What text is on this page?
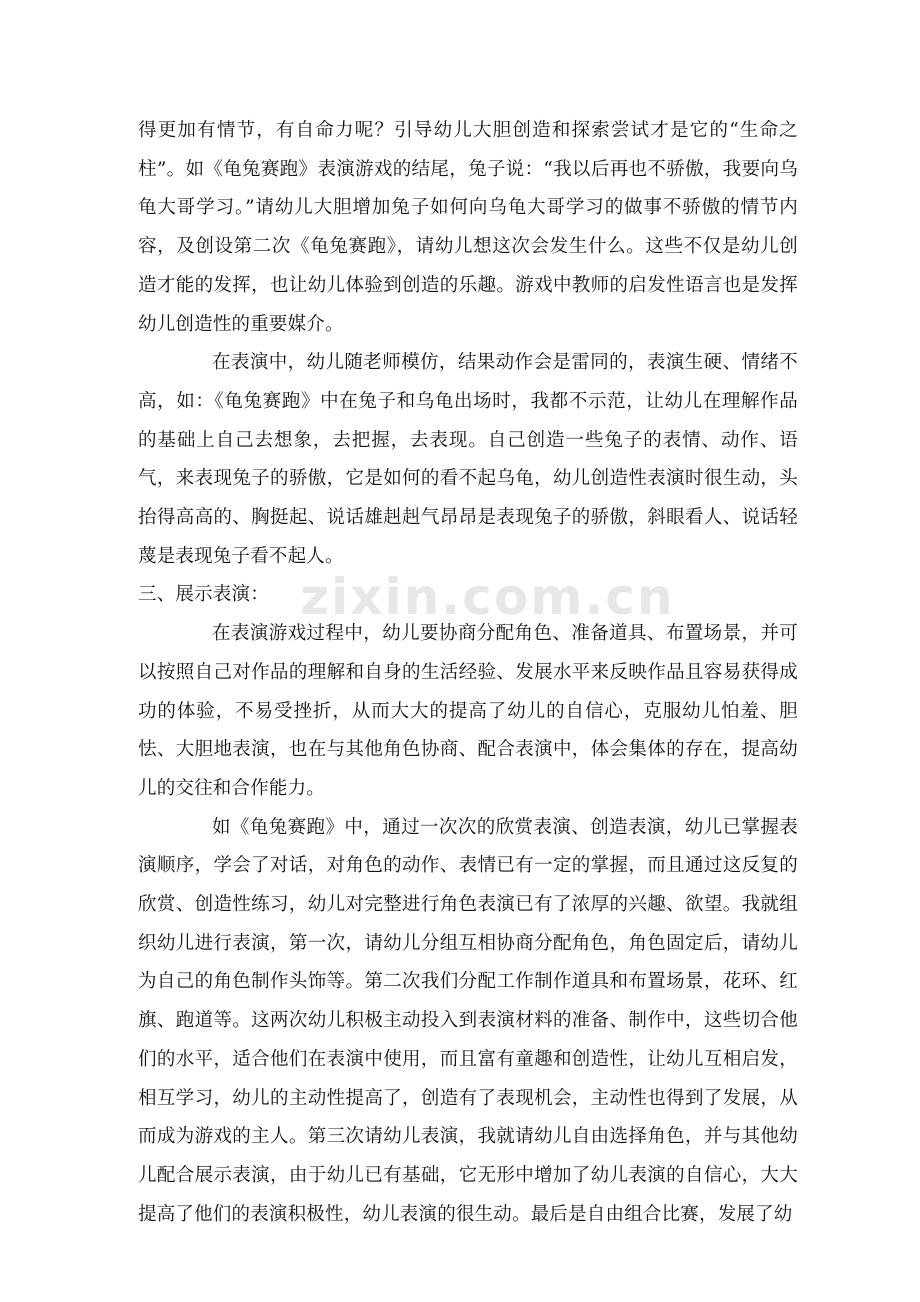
zixin.com.cn

得更加有情节，有自命力呢？引导幼儿大胆创造和探索尝试才是它的“生命之柱”。如《龟兔赛跑》表演游戏的结尾，兔子说：“我以后再也不骄傲，我要向乌龟大哥学习。”请幼儿大胆增加兔子如何向乌龟大哥学习的做事不骄傲的情节内容，及创设第二次《龟兔赛跑》，请幼儿想这次会发生什么。这些不仅是幼儿创造才能的发挥，也让幼儿体验到创造的乐趣。游戏中教师的启发性语言也是发挥幼儿创造性的重要媒介。

在表演中，幼儿随老师模仿，结果动作会是雷同的，表演生硬、情绪不高，如：《龟兔赛跑》中在兔子和乌龟出场时，我都不示范，让幼儿在理解作品的基础上自己去想象，去把握，去表现。自己创造一些兔子的表情、动作、语气，来表现兔子的骄傲，它是如何的看不起乌龟，幼儿创造性表演时很生动，头抬得高高的、胸挺起、说话雄赳赳气昂昂是表现兔子的骄傲，斜眼看人、说话轻蔑是表现兔子看不起人。

三、展示表演：

在表演游戏过程中，幼儿要协商分配角色、准备道具、布置场景，并可以按照自己对作品的理解和自身的生活经验、发展水平来反映作品且容易获得成功的体验，不易受挫折，从而大大的提高了幼儿的自信心，克服幼儿怕羞、胆怯、大胆地表演，也在与其他角色协商、配合表演中，体会集体的存在，提高幼儿的交往和合作能力。

如《龟兔赛跑》中，通过一次次的欣赏表演、创造表演，幼儿已掌握表演顺序，学会了对话，对角色的动作、表情已有一定的掌握，而且通过这反复的欣赏、创造性练习，幼儿对完整进行角色表演已有了浓厚的兴趣、欲望。我就组织幼儿进行表演，第一次，请幼儿分组互相协商分配角色，角色固定后，请幼儿为自己的角色制作头饰等。第二次我们分配工作制作道具和布置场景，花环、红旗、跑道等。这两次幼儿积极主动投入到表演材料的准备、制作中，这些切合他们的水平，适合他们在表演中使用，而且富有童趣和创造性，让幼儿互相启发，相互学习，幼儿的主动性提高了，创造有了表现机会，主动性也得到了发展，从而成为游戏的主人。第三次请幼儿表演，我就请幼儿自由选择角色，并与其他幼儿配合展示表演，由于幼儿已有基础，它无形中增加了幼儿表演的自信心，大大提高了他们的表演积极性，幼儿表演的很生动。最后是自由组合比赛，发展了幼
